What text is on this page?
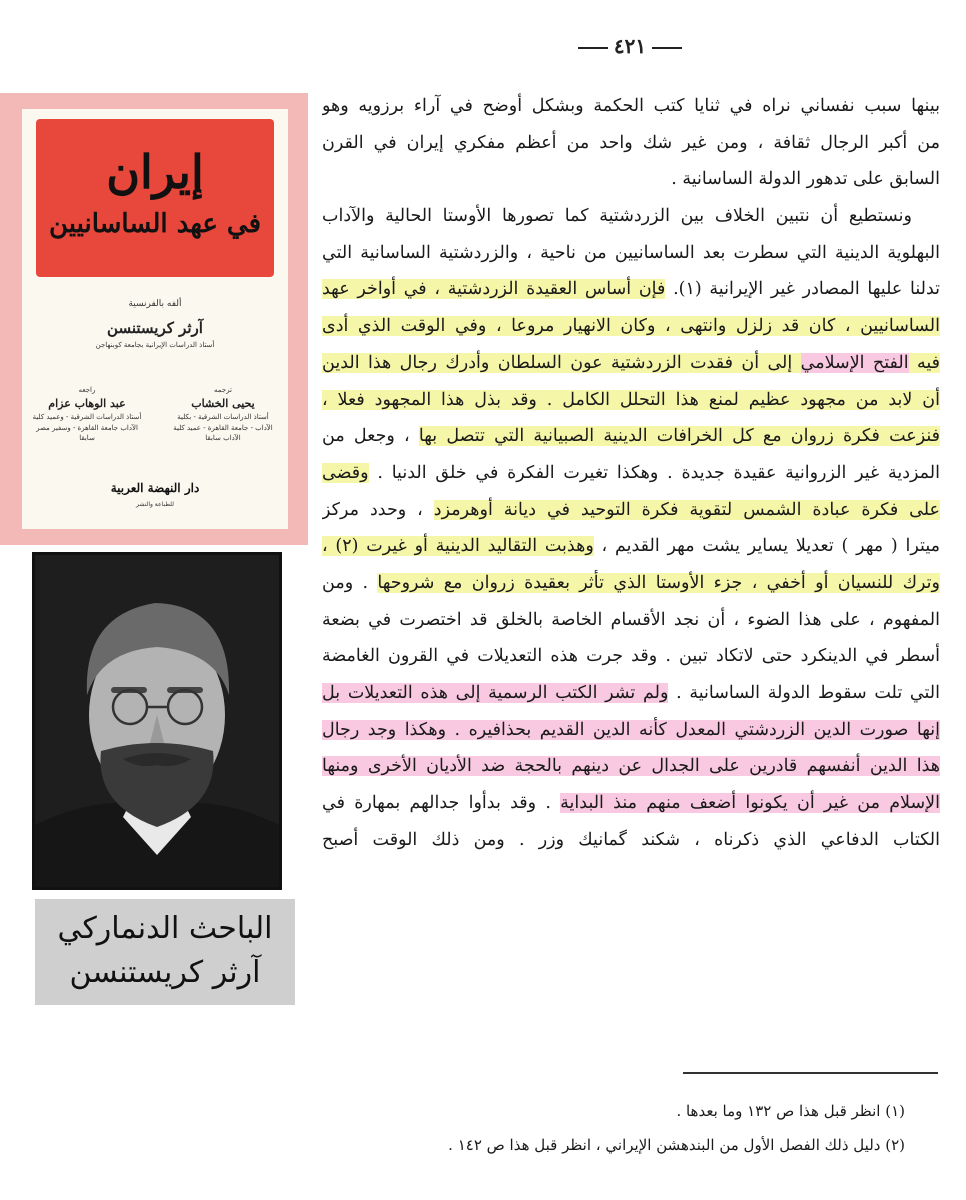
إيران
في عهد الساسانيين
ألفه بالفرنسية
آرثر كريستنسن
أستاذ الدراسات الإيرانية بجامعة كوبنهاجن
ترجمه
يحيى الخشاب
أستاذ الدراسات الشرقية - بكلية الآداب - جامعة القاهرة - عميد كلية الآداب سابقا
راجعه
عبد الوهاب عزام
أستاذ الدراسات الشرقية - وعميد كلية الآداب جامعة القاهرة - وسفير مصر سابقا
دار النهضة العربية
للطباعة والنشر
الباحث الدنماركي
آرثر كريستنسن
٤٢١
بينها سبب نفساني نراه في ثنايا كتب الحكمة وبشكل أوضح في آراء برزويه وهو
من أكبر الرجال ثقافة ، ومن غير شك واحد من أعظم مفكري إيران في القرن
السابق على تدهور الدولة الساسانية .
ونستطيع أن نتبين الخلاف بين الزردشتية كما تصورها الأوستا الحالية والآداب
البهلوية الدينية التي سطرت بعد الساسانيين من ناحية ، والزردشتية الساسانية التي
تدلنا عليها المصادر غير الإيرانية (١). فإن أساس العقيدة الزردشتية ، في أواخر عهد
الساسانيين ، كان قد زلزل وانتهى ، وكان الانهيار مروعا ، وفي الوقت الذي أدى
فيه الفتح الإسلامي إلى أن فقدت الزردشتية عون السلطان وأدرك رجال هذا الدين
أن لابد من مجهود عظيم لمنع هذا التحلل الكامل . وقد بذل هذا المجهود فعلا ،
فنزعت فكرة زروان مع كل الخرافات الدينية الصبيانية التي تتصل بها ، وجعل من
المزدية غير الزروانية عقيدة جديدة . وهكذا تغيرت الفكرة في خلق الدنيا . وقضى
على فكرة عبادة الشمس لتقوية فكرة التوحيد في ديانة أوهرمزد ، وحدد مركز
ميترا ( مهر ) تعديلا يساير يشت مهر القديم ، وهذبت التقاليد الدينية أو غيرت (٢) ،
وترك للنسيان أو أخفي ، جزء الأوستا الذي تأثر بعقيدة زروان مع شروحها . ومن
المفهوم ، على هذا الضوء ، أن نجد الأقسام الخاصة بالخلق قد اختصرت في بضعة
أسطر في الدينكرد حتى لاتكاد تبين . وقد جرت هذه التعديلات في القرون الغامضة
التي تلت سقوط الدولة الساسانية . ولم تشر الكتب الرسمية إلى هذه التعديلات بل
إنها صورت الدين الزردشتي المعدل كأنه الدين القديم بحذافيره . وهكذا وجد رجال
هذا الدين أنفسهم قادرين على الجدال عن دينهم بالحجة ضد الأديان الأخرى ومنها
الإسلام من غير أن يكونوا أضعف منهم منذ البداية . وقد بدأوا جدالهم بمهارة في
الكتاب الدفاعي الذي ذكرناه ، شكند گمانيك وزر . ومن ذلك الوقت أصبح
(١) انظر قبل هذا ص ١٣٢ وما بعدها .
(٢) دليل ذلك الفصل الأول من البندهشن الإيراني ، انظر قبل هذا ص ١٤٢ .
